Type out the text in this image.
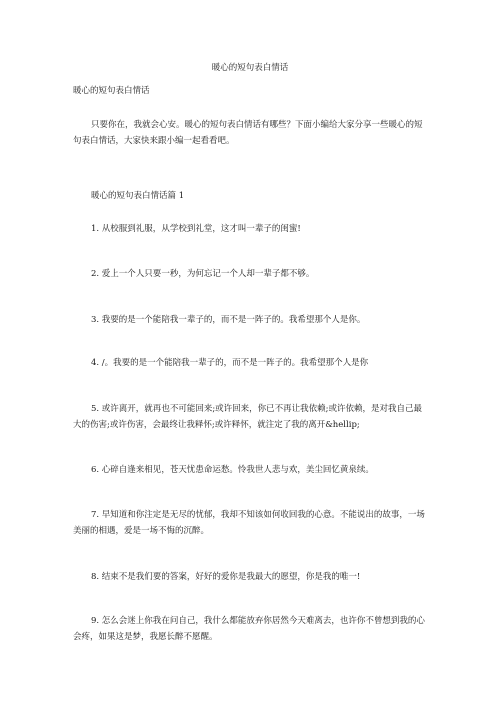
暖心的短句表白情话
暖心的短句表白情话
只要你在，我就会心安。暖心的短句表白情话有哪些？下面小编给大家分享一些暖心的短句表白情话，大家快来跟小编一起看看吧。
暖心的短句表白情话篇 1
1. 从校服到礼服，从学校到礼堂，这才叫一辈子的闺蜜!
2. 爱上一个人只要一秒，为何忘记一个人却一辈子都不够。
3. 我要的是一个能陪我一辈子的，而不是一阵子的。我希望那个人是你。
4. /。我要的是一个能陪我一辈子的，而不是一阵子的。我希望那个人是你
5. 或许离开，就再也不可能回来;或许回来，你已不再让我依赖;或许依赖，是对我自己最大的伤害;或许伤害，会最终让我释怀;或许释怀，就注定了我的离开&hellip;
6. 心碎自逢来相见，苍天忧患命运愁。怜我世人悲与欢，美尘回忆黄泉续。
7. 早知道和你注定是无尽的忧郁，我却不知该如何收回我的心意。不能说出的故事，一场美丽的相遇，爱是一场不悔的沉醉。
8. 结束不是我们要的答案，好好的爱你是我最大的愿望，你是我的唯一!
9. 怎么会迷上你我在问自己，我什么都能放弃你居然今天难离去，也许你不曾想到我的心会疼，如果这是梦，我愿长醉不愿醒。
